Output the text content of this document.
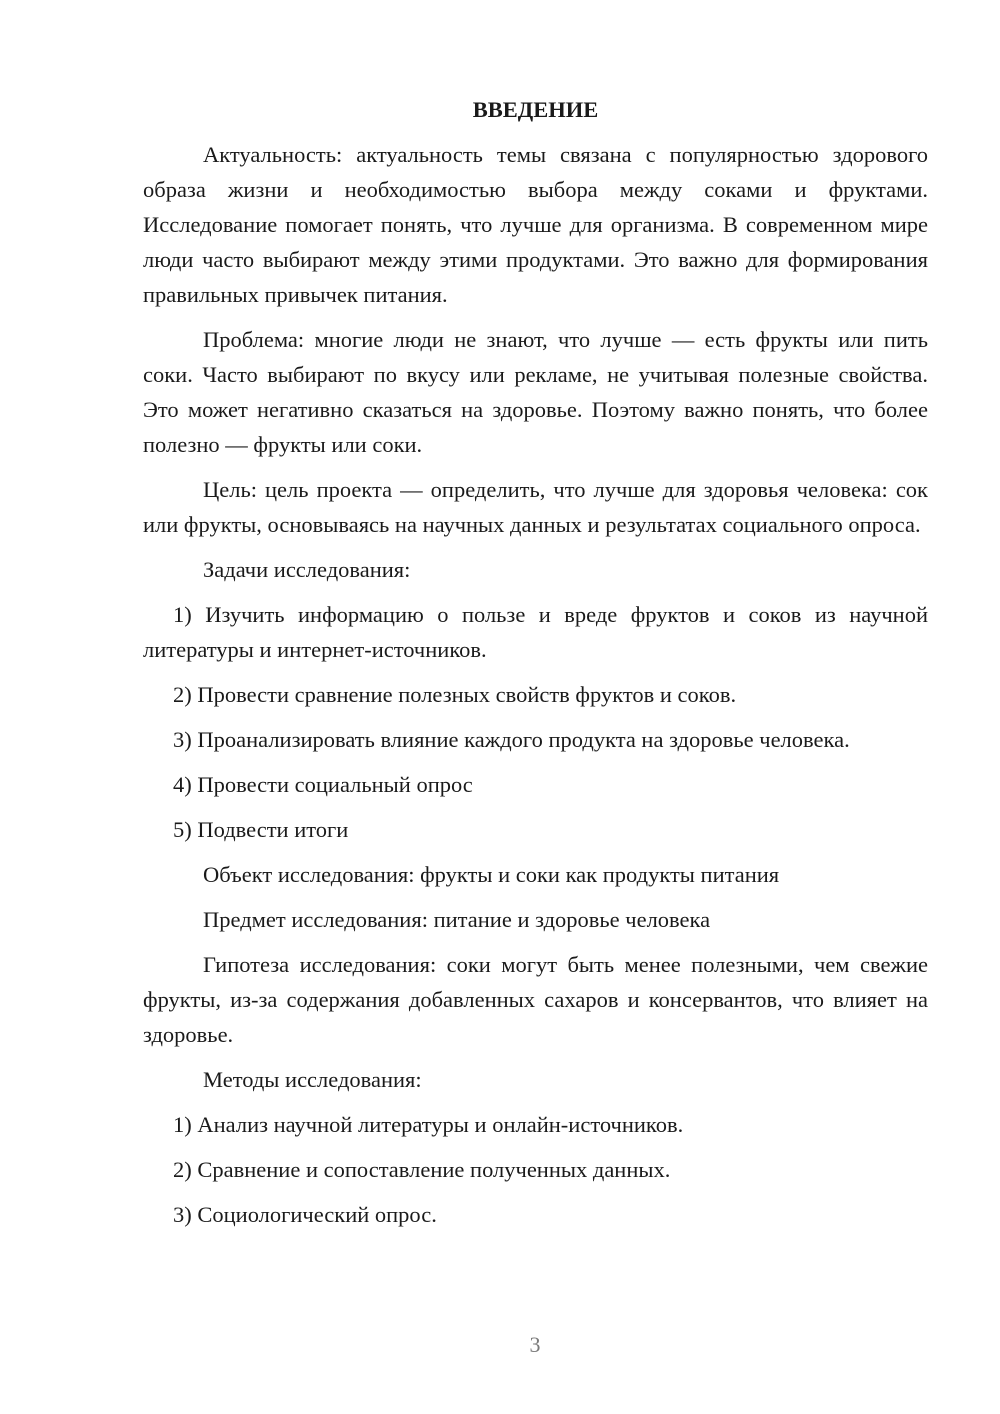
ВВЕДЕНИЕ

Актуальность: актуальность темы связана с популярностью здорового образа жизни и необходимостью выбора между соками и фруктами. Исследование помогает понять, что лучше для организма. В современном мире люди часто выбирают между этими продуктами. Это важно для формирования правильных привычек питания.

Проблема: многие люди не знают, что лучше — есть фрукты или пить соки. Часто выбирают по вкусу или рекламе, не учитывая полезные свойства. Это может негативно сказаться на здоровье. Поэтому важно понять, что более полезно — фрукты или соки.

Цель: цель проекта — определить, что лучше для здоровья человека: сок или фрукты, основываясь на научных данных и результатах социального опроса.

Задачи исследования:

1) Изучить информацию о пользе и вреде фруктов и соков из научной литературы и интернет-источников.

2) Провести сравнение полезных свойств фруктов и соков.

3) Проанализировать влияние каждого продукта на здоровье человека.

4) Провести социальный опрос

5) Подвести итоги

Объект исследования: фрукты и соки как продукты питания

Предмет исследования: питание и здоровье человека

Гипотеза исследования: соки могут быть менее полезными, чем свежие фрукты, из-за содержания добавленных сахаров и консервантов, что влияет на здоровье.

Методы исследования:

1) Анализ научной литературы и онлайн-источников.

2) Сравнение и сопоставление полученных данных.

3) Социологический опрос.

3
